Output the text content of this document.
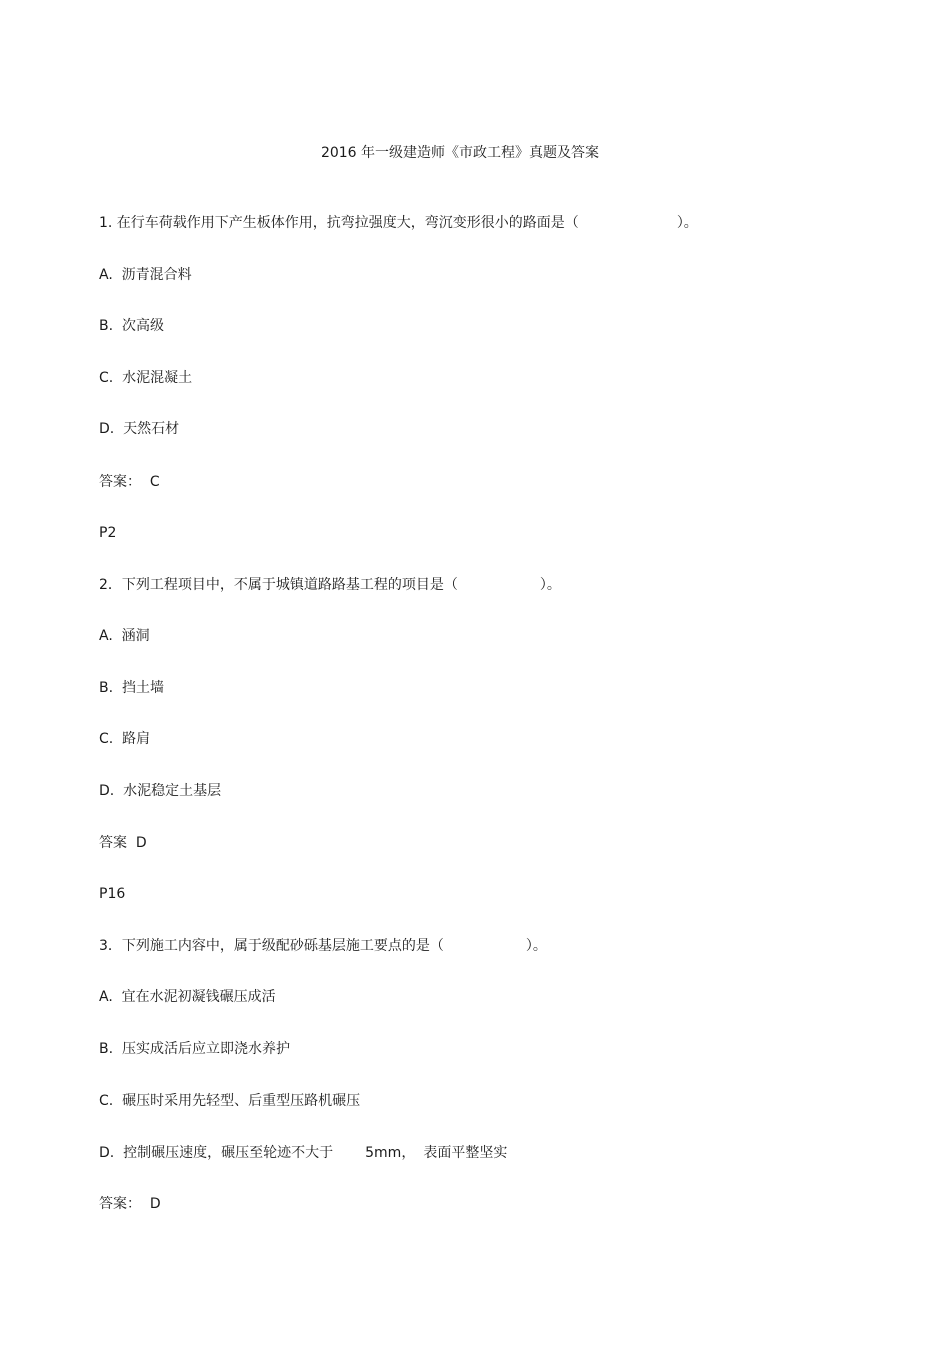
2016 年一级建造师《市政工程》真题及答案
1. 在行车荷载作用下产生板体作用，抗弯拉强度大，弯沉变形很小的路面是（	）。
A.  沥青混合料
B.  次高级
C.  水泥混凝土
D.  天然石材
答案：  C
P2
2．下列工程项目中，不属于城镇道路路基工程的项目是（	）。
A.  涵洞
B.  挡土墙
C.  路肩
D.  水泥稳定土基层
答案  D
P16
3．下列施工内容中，属于级配砂砾基层施工要点的是（	）。
A.  宜在水泥初凝钱碾压成活
B.  压实成活后应立即浇水养护
C.  碾压时采用先轻型、后重型压路机碾压
D.  控制碾压速度，碾压至轮迹不大于 5mm， 表面平整坚实
答案：  D
